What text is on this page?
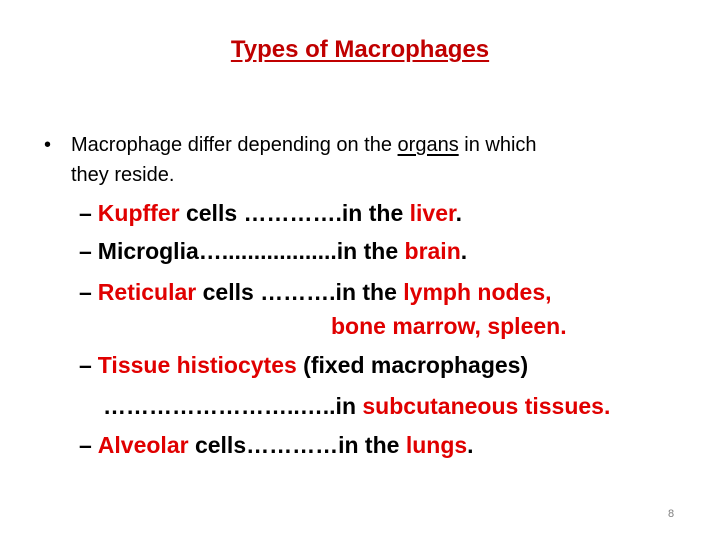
Types of Macrophages
• Macrophage differ depending on the organs in which
they reside.
– Kupffer cells ………….in the liver.
– Microglia…..................in the brain.
– Reticular cells ……….in the lymph nodes,
bone marrow, spleen.
– Tissue histiocytes (fixed macrophages)
……………………..…..in subcutaneous tissues.
– Alveolar cells…………in the lungs.
8
